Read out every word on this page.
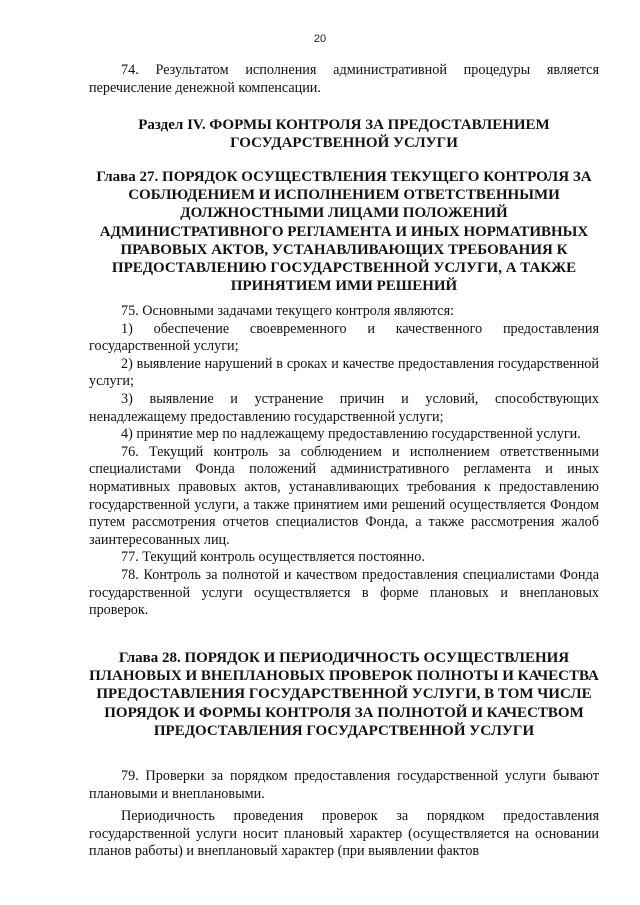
20

74. Результатом исполнения административной процедуры является перечисление денежной компенсации.

Раздел IV. ФОРМЫ КОНТРОЛЯ ЗА ПРЕДОСТАВЛЕНИЕМ ГОСУДАРСТВЕННОЙ УСЛУГИ
Глава 27. ПОРЯДОК ОСУЩЕСТВЛЕНИЯ ТЕКУЩЕГО КОНТРОЛЯ ЗА СОБЛЮДЕНИЕМ И ИСПОЛНЕНИЕМ ОТВЕТСТВЕННЫМИ ДОЛЖНОСТНЫМИ ЛИЦАМИ ПОЛОЖЕНИЙ АДМИНИСТРАТИВНОГО РЕГЛАМЕНТА И ИНЫХ НОРМАТИВНЫХ ПРАВОВЫХ АКТОВ, УСТАНАВЛИВАЮЩИХ ТРЕБОВАНИЯ К ПРЕДОСТАВЛЕНИЮ ГОСУДАРСТВЕННОЙ УСЛУГИ, А ТАКЖЕ ПРИНЯТИЕМ ИМИ РЕШЕНИЙ

75. Основными задачами текущего контроля являются:

1) обеспечение своевременного и качественного предоставления государственной услуги;

2) выявление нарушений в сроках и качестве предоставления государственной услуги;

3) выявление и устранение причин и условий, способствующих ненадлежащему предоставлению государственной услуги;

4) принятие мер по надлежащему предоставлению государственной услуги.

76. Текущий контроль за соблюдением и исполнением ответственными специалистами Фонда положений административного регламента и иных нормативных правовых актов, устанавливающих требования к предоставлению государственной услуги, а также принятием ими решений осуществляется Фондом путем рассмотрения отчетов специалистов Фонда, а также рассмотрения жалоб заинтересованных лиц.

77. Текущий контроль осуществляется постоянно.

78. Контроль за полнотой и качеством предоставления специалистами Фонда государственной услуги осуществляется в форме плановых и внеплановых проверок.

Глава 28. ПОРЯДОК И ПЕРИОДИЧНОСТЬ ОСУЩЕСТВЛЕНИЯ ПЛАНОВЫХ И ВНЕПЛАНОВЫХ ПРОВЕРОК ПОЛНОТЫ И КАЧЕСТВА ПРЕДОСТАВЛЕНИЯ ГОСУДАРСТВЕННОЙ УСЛУГИ, В ТОМ ЧИСЛЕ ПОРЯДОК И ФОРМЫ КОНТРОЛЯ ЗА ПОЛНОТОЙ И КАЧЕСТВОМ ПРЕДОСТАВЛЕНИЯ ГОСУДАРСТВЕННОЙ УСЛУГИ

79. Проверки за порядком предоставления государственной услуги бывают плановыми и внеплановыми.

Периодичность проведения проверок за порядком предоставления государственной услуги носит плановый характер (осуществляется на основании планов работы) и внеплановый характер (при выявлении фактов
